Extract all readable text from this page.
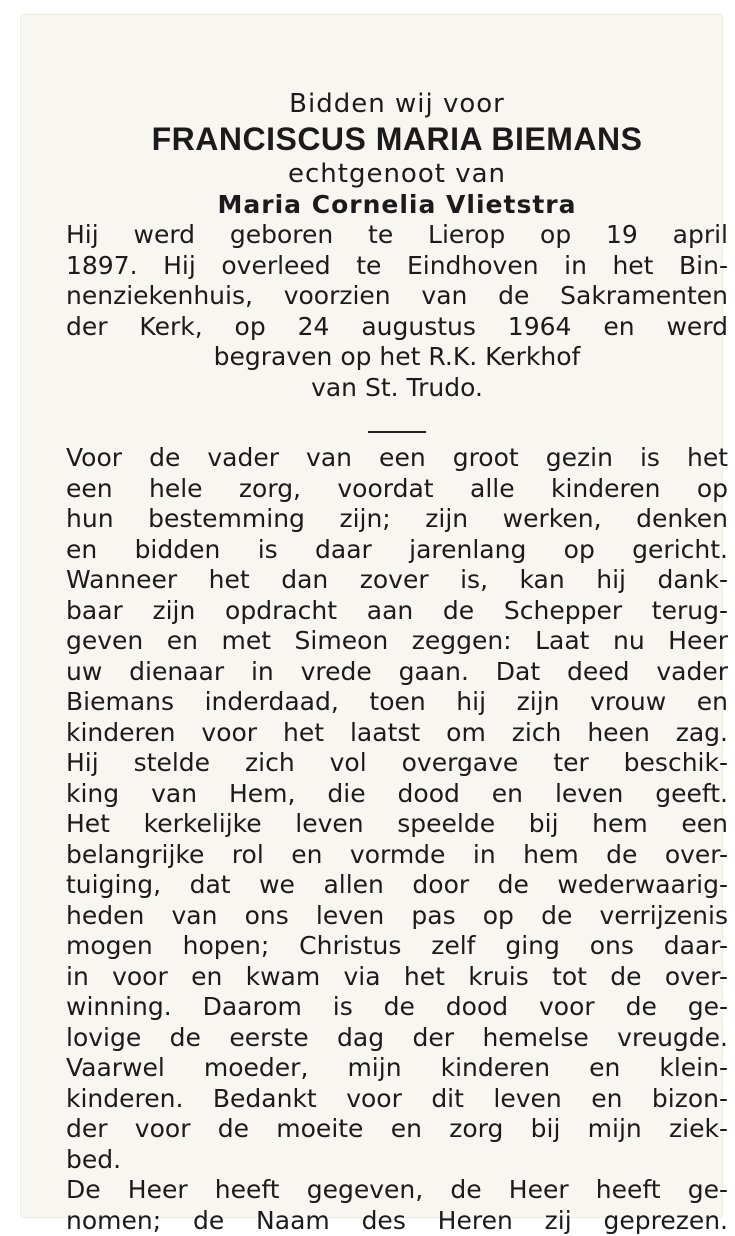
Bidden wij voor
FRANCISCUS MARIA BIEMANS
echtgenoot van
Maria Cornelia Vlietstra
Hij werd geboren te Lierop op 19 april
1897. Hij overleed te Eindhoven in het Bin-
nenziekenhuis, voorzien van de Sakramenten
der Kerk, op 24 augustus 1964 en werd
begraven op het R.K. Kerkhof
van St. Trudo.
Voor de vader van een groot gezin is het
een hele zorg, voordat alle kinderen op
hun bestemming zijn; zijn werken, denken
en bidden is daar jarenlang op gericht.
Wanneer het dan zover is, kan hij dank-
baar zijn opdracht aan de Schepper terug-
geven en met Simeon zeggen: Laat nu Heer
uw dienaar in vrede gaan. Dat deed vader
Biemans inderdaad, toen hij zijn vrouw en
kinderen voor het laatst om zich heen zag.
Hij stelde zich vol overgave ter beschik-
king van Hem, die dood en leven geeft.
Het kerkelijke leven speelde bij hem een
belangrijke rol en vormde in hem de over-
tuiging, dat we allen door de wederwaarig-
heden van ons leven pas op de verrijzenis
mogen hopen; Christus zelf ging ons daar-
in voor en kwam via het kruis tot de over-
winning. Daarom is de dood voor de ge-
lovige de eerste dag der hemelse vreugde.
Vaarwel moeder, mijn kinderen en klein-
kinderen. Bedankt voor dit leven en bizon-
der voor de moeite en zorg bij mijn ziek-
bed.
De Heer heeft gegeven, de Heer heeft ge-
nomen; de Naam des Heren zij geprezen.
